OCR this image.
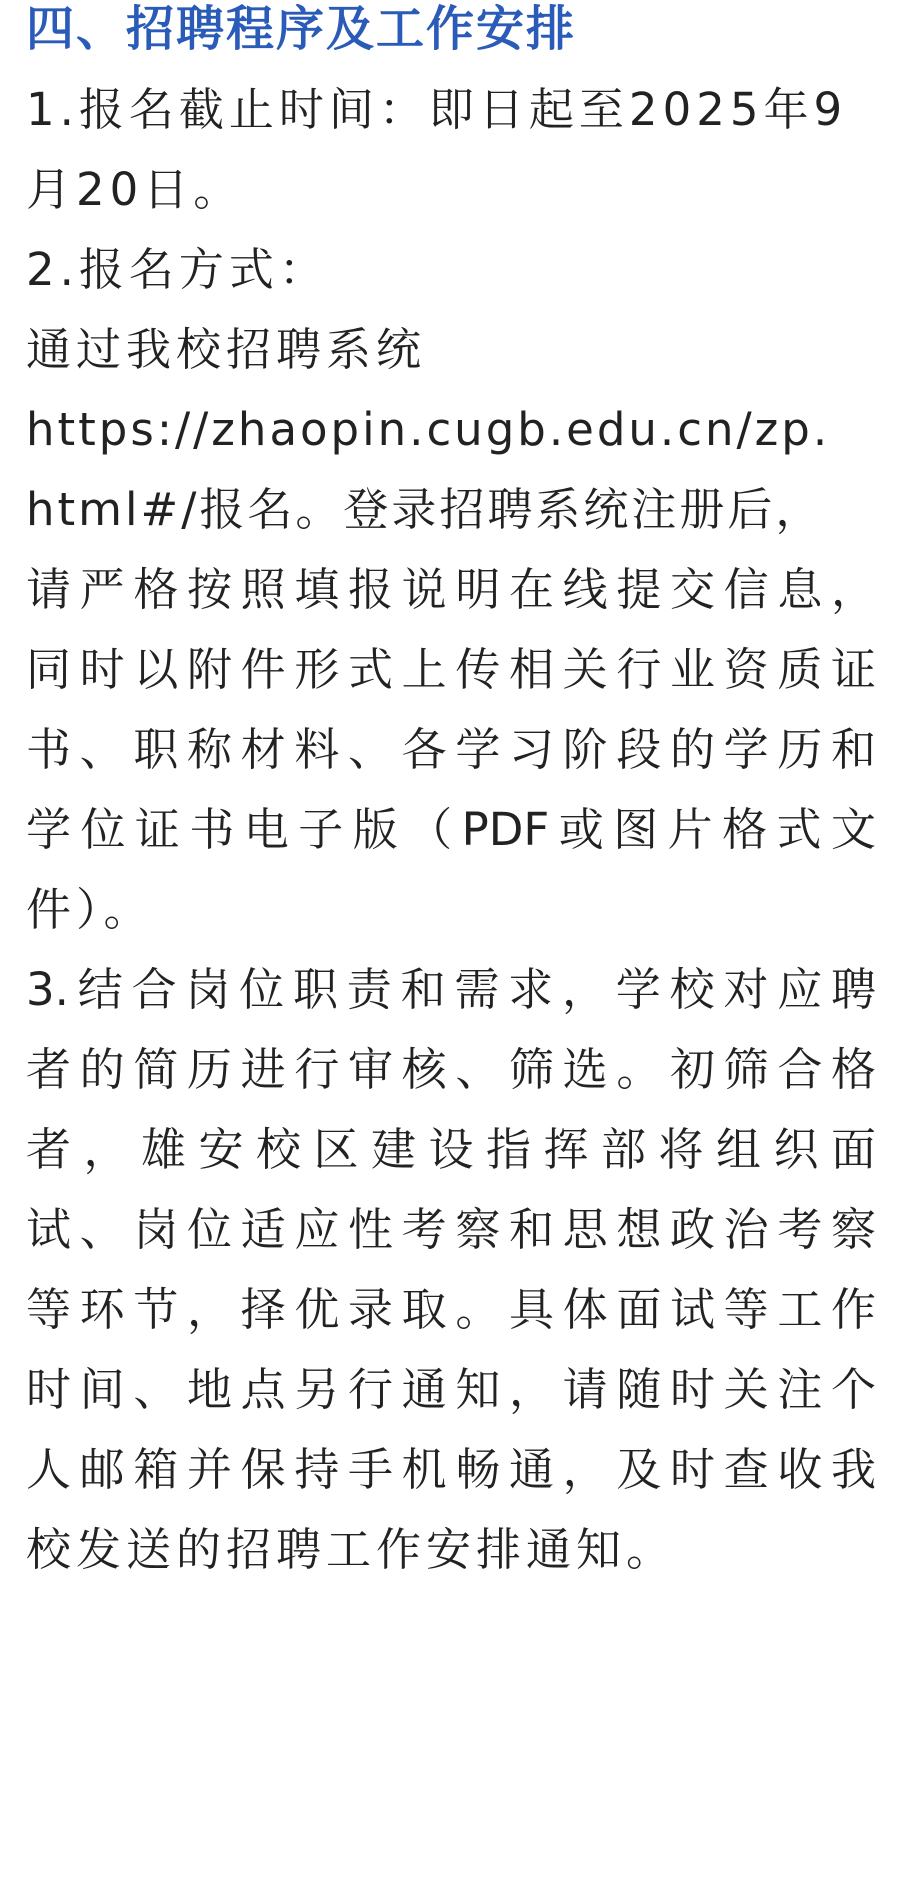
四、招聘程序及工作安排
1.报名截止时间：即日起至2025年9
月20日。
2.报名方式：
通过我校招聘系统
https://zhaopin.cugb.edu.cn/zp.
html#/报名。登录招聘系统注册后，
请严格按照填报说明在线提交信息，
同时以附件形式上传相关行业资质证
书、职称材料、各学习阶段的学历和
学位证书电子版（PDF或图片格式文
件）。
3.结合岗位职责和需求，学校对应聘
者的简历进行审核、筛选。初筛合格
者，雄安校区建设指挥部将组织面
试、岗位适应性考察和思想政治考察
等环节，择优录取。具体面试等工作
时间、地点另行通知，请随时关注个
人邮箱并保持手机畅通，及时查收我
校发送的招聘工作安排通知。
